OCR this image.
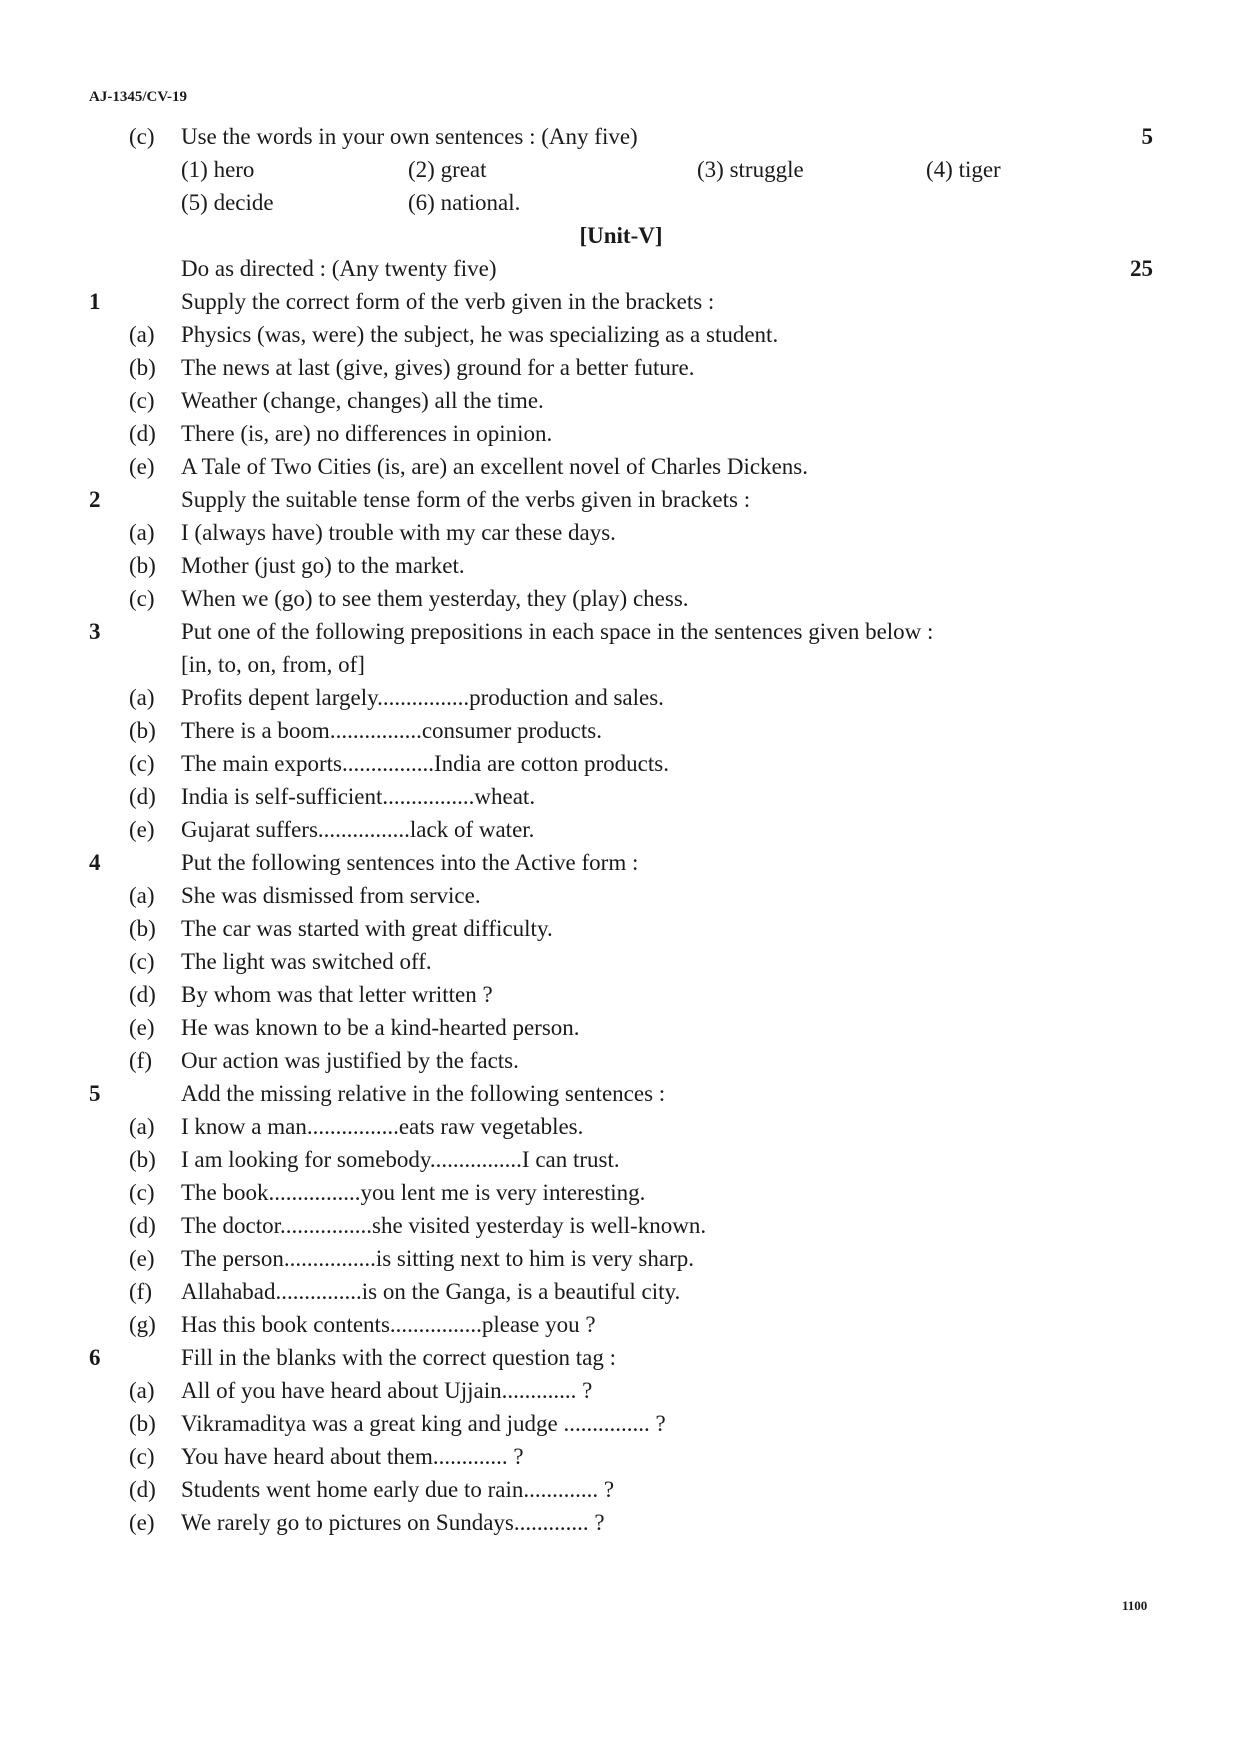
AJ-1345/CV-19
(c) Use the words in your own sentences : (Any five)	5
(1) hero	(2) great	(3) struggle	(4) tiger
(5) decide	(6) national.
[Unit-V]
Do as directed : (Any twenty five)	25
1	Supply the correct form of the verb given in the brackets :
(a) Physics (was, were) the subject, he was specializing as a student.
(b) The news at last (give, gives) ground for a better future.
(c) Weather (change, changes) all the time.
(d) There (is, are) no differences in opinion.
(e) A Tale of Two Cities (is, are) an excellent novel of Charles Dickens.
2	Supply the suitable tense form of the verbs given in brackets :
(a) I (always have) trouble with my car these days.
(b) Mother (just go) to the market.
(c) When we (go) to see them yesterday, they (play) chess.
3	Put one of the following prepositions in each space in the sentences given below :
[in, to, on, from, of]
(a) Profits depent largely................production and sales.
(b) There is a boom................consumer products.
(c) The main exports................India are cotton products.
(d) India is self-sufficient................wheat.
(e) Gujarat suffers................lack of water.
4	Put the following sentences into the Active form :
(a) She was dismissed from service.
(b) The car was started with great difficulty.
(c) The light was switched off.
(d) By whom was that letter written ?
(e) He was known to be a kind-hearted person.
(f) Our action was justified by the facts.
5	Add the missing relative in the following sentences :
(a) I know a man................eats raw vegetables.
(b) I am looking for somebody................I can trust.
(c) The book................you lent me is very interesting.
(d) The doctor................she visited yesterday is well-known.
(e) The person................is sitting next to him is very sharp.
(f) Allahabad...............is on the Ganga, is a beautiful city.
(g) Has this book contents................please you ?
6	Fill in the blanks with the correct question tag :
(a) All of you have heard about Ujjain............. ?
(b) Vikramaditya was a great king and judge ............... ?
(c) You have heard about them............. ?
(d) Students went home early due to rain............. ?
(e) We rarely go to pictures on Sundays............. ?
1100
